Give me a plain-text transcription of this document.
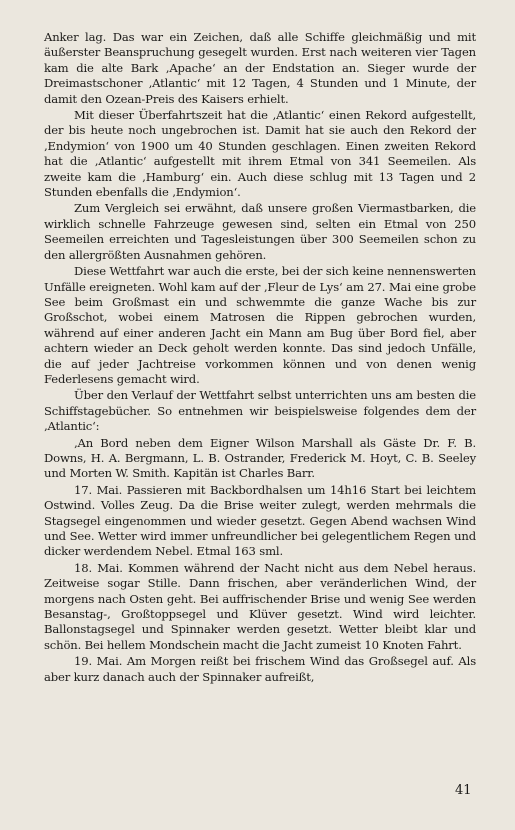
Anker lag. Das war ein Zeichen, daß alle Schiffe gleichmäßig und mit äußerster Beanspruchung gesegelt wurden. Erst nach weiteren vier Tagen kam die alte Bark ‚Apache‘ an der Endstation an. Sieger wurde der Dreimastschoner ‚Atlantic‘ mit 12 Tagen, 4 Stunden und 1 Minute, der damit den Ozean-Preis des Kaisers erhielt.

Mit dieser Überfahrtszeit hat die ‚Atlantic‘ einen Rekord aufgestellt, der bis heute noch ungebrochen ist. Damit hat sie auch den Rekord der ‚Endymion‘ von 1900 um 40 Stunden geschlagen. Einen zweiten Rekord hat die ‚Atlantic‘ aufgestellt mit ihrem Etmal von 341 Seemeilen. Als zweite kam die ‚Hamburg‘ ein. Auch diese schlug mit 13 Tagen und 2 Stunden ebenfalls die ‚Endymion‘.

Zum Vergleich sei erwähnt, daß unsere großen Viermastbarken, die wirklich schnelle Fahrzeuge gewesen sind, selten ein Etmal von 250 Seemeilen erreichten und Tagesleistungen über 300 Seemeilen schon zu den allergrößten Ausnahmen gehören.

Diese Wettfahrt war auch die erste, bei der sich keine nennenswerten Unfälle ereigneten. Wohl kam auf der ‚Fleur de Lys‘ am 27. Mai eine grobe See beim Großmast ein und schwemmte die ganze Wache bis zur Großschot, wobei einem Matrosen die Rippen gebrochen wurden, während auf einer anderen Jacht ein Mann am Bug über Bord fiel, aber achtern wieder an Deck geholt werden konnte. Das sind jedoch Unfälle, die auf jeder Jachtreise vorkommen können und von denen wenig Federlesens gemacht wird.

Über den Verlauf der Wettfahrt selbst unterrichten uns am besten die Schiffstagebücher. So entnehmen wir beispielsweise folgendes dem der ‚Atlantic‘:

‚An Bord neben dem Eigner Wilson Marshall als Gäste Dr. F. B. Downs, H. A. Bergmann, L. B. Ostrander, Frederick M. Hoyt, C. B. Seeley und Morten W. Smith. Kapitän ist Charles Barr.

17. Mai. Passieren mit Backbordhalsen um 14h16 Start bei leichtem Ostwind. Volles Zeug. Da die Brise weiter zulegt, werden mehrmals die Stagsegel eingenommen und wieder gesetzt. Gegen Abend wachsen Wind und See. Wetter wird immer unfreundlicher bei gelegentlichem Regen und dicker werdendem Nebel. Etmal 163 sml.

18. Mai. Kommen während der Nacht nicht aus dem Nebel heraus. Zeitweise sogar Stille. Dann frischen, aber veränderlichen Wind, der morgens nach Osten geht. Bei auffrischender Brise und wenig See werden Besanstag-, Großtoppsegel und Klüver gesetzt. Wind wird leichter. Ballonstagsegel und Spinnaker werden gesetzt. Wetter bleibt klar und schön. Bei hellem Mondschein macht die Jacht zumeist 10 Knoten Fahrt.

19. Mai. Am Morgen reißt bei frischem Wind das Großsegel auf. Als aber kurz danach auch der Spinnaker aufreißt,

41
